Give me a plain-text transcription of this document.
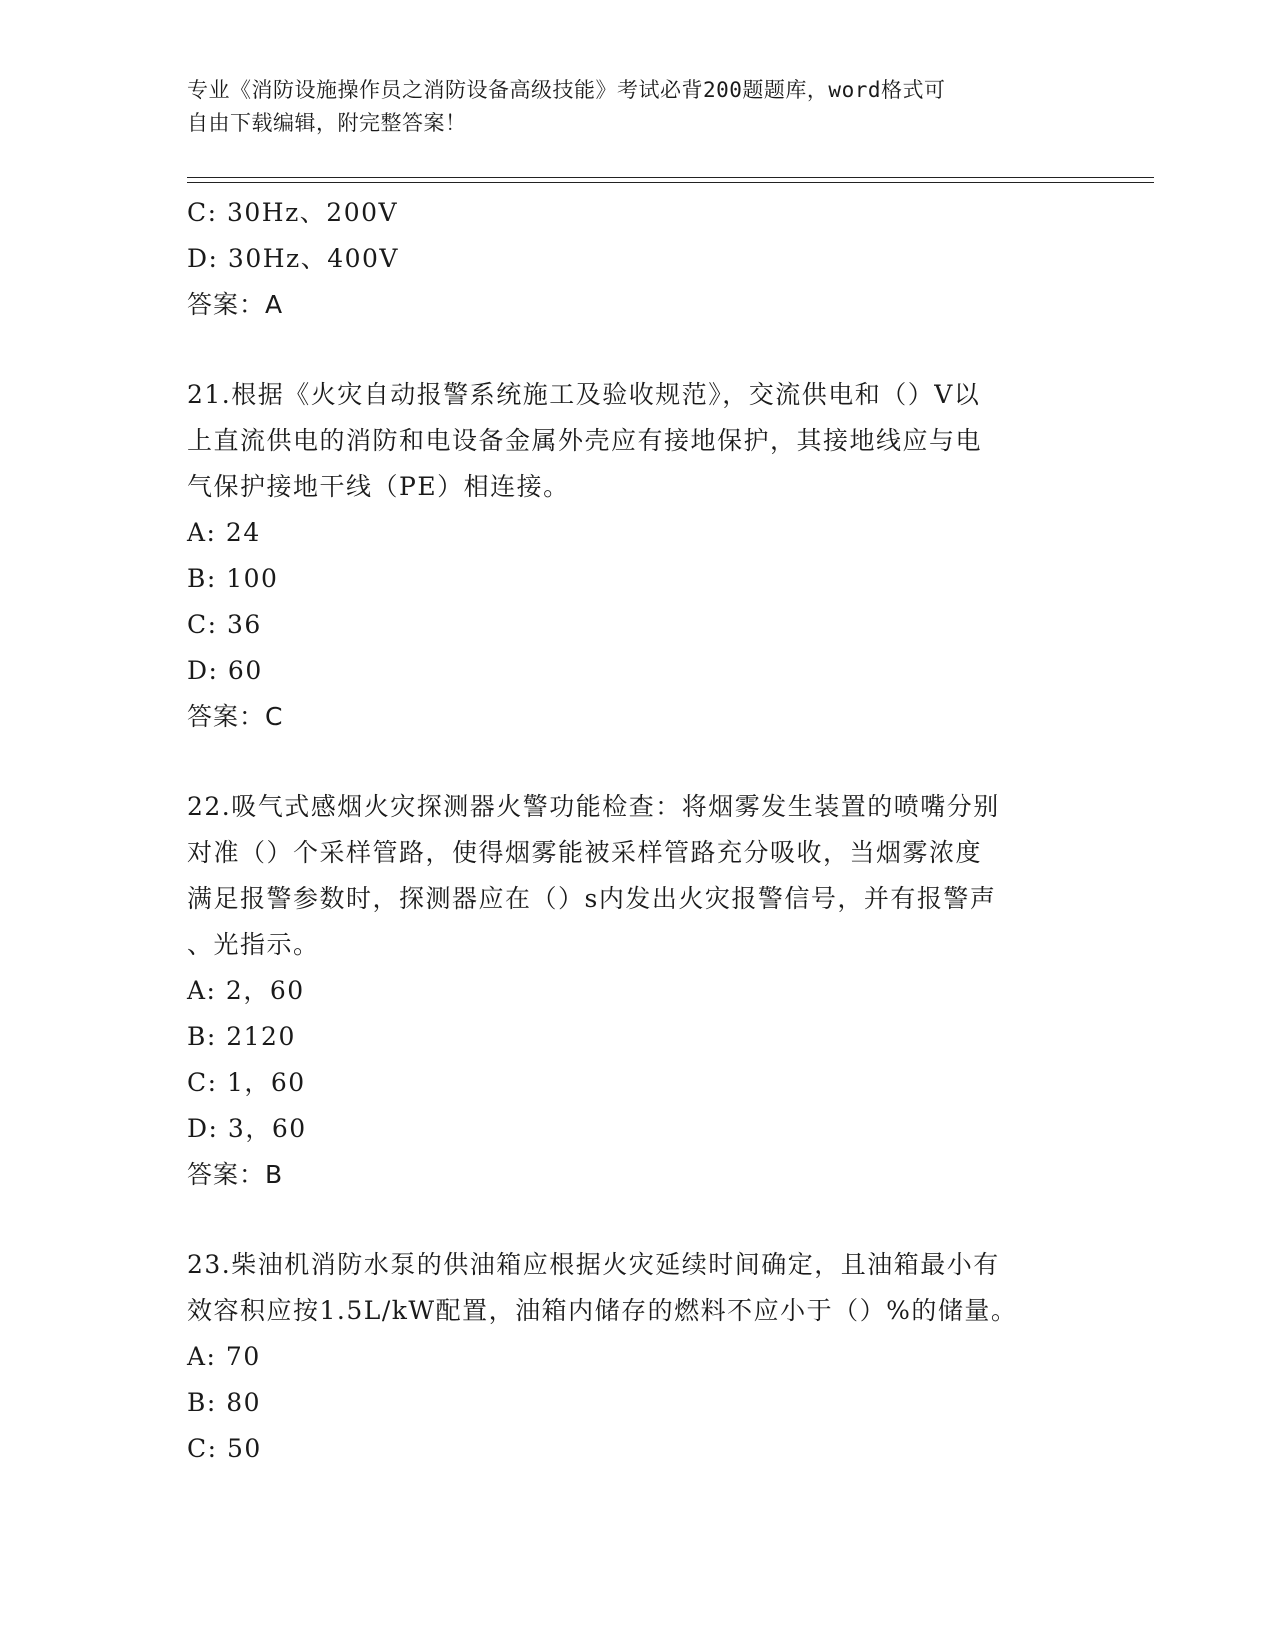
专业《消防设施操作员之消防设备高级技能》考试必背200题题库，word格式可
自由下载编辑，附完整答案！
C: 30Hz、200V
D: 30Hz、400V
答案：A
21.根据《火灾自动报警系统施工及验收规范》，交流供电和（）V以
上直流供电的消防和电设备金属外壳应有接地保护，其接地线应与电
气保护接地干线（PE）相连接。
A: 24
B: 100
C: 36
D: 60
答案：C
22.吸气式感烟火灾探测器火警功能检查：将烟雾发生装置的喷嘴分别
对准（）个采样管路，使得烟雾能被采样管路充分吸收，当烟雾浓度
满足报警参数时，探测器应在（）s内发出火灾报警信号，并有报警声
、光指示。
A: 2，60
B: 2120
C: 1，60
D: 3，60
答案：B
23.柴油机消防水泵的供油箱应根据火灾延续时间确定，且油箱最小有
效容积应按1.5L/kW配置，油箱内储存的燃料不应小于（）%的储量。
A: 70
B: 80
C: 50
